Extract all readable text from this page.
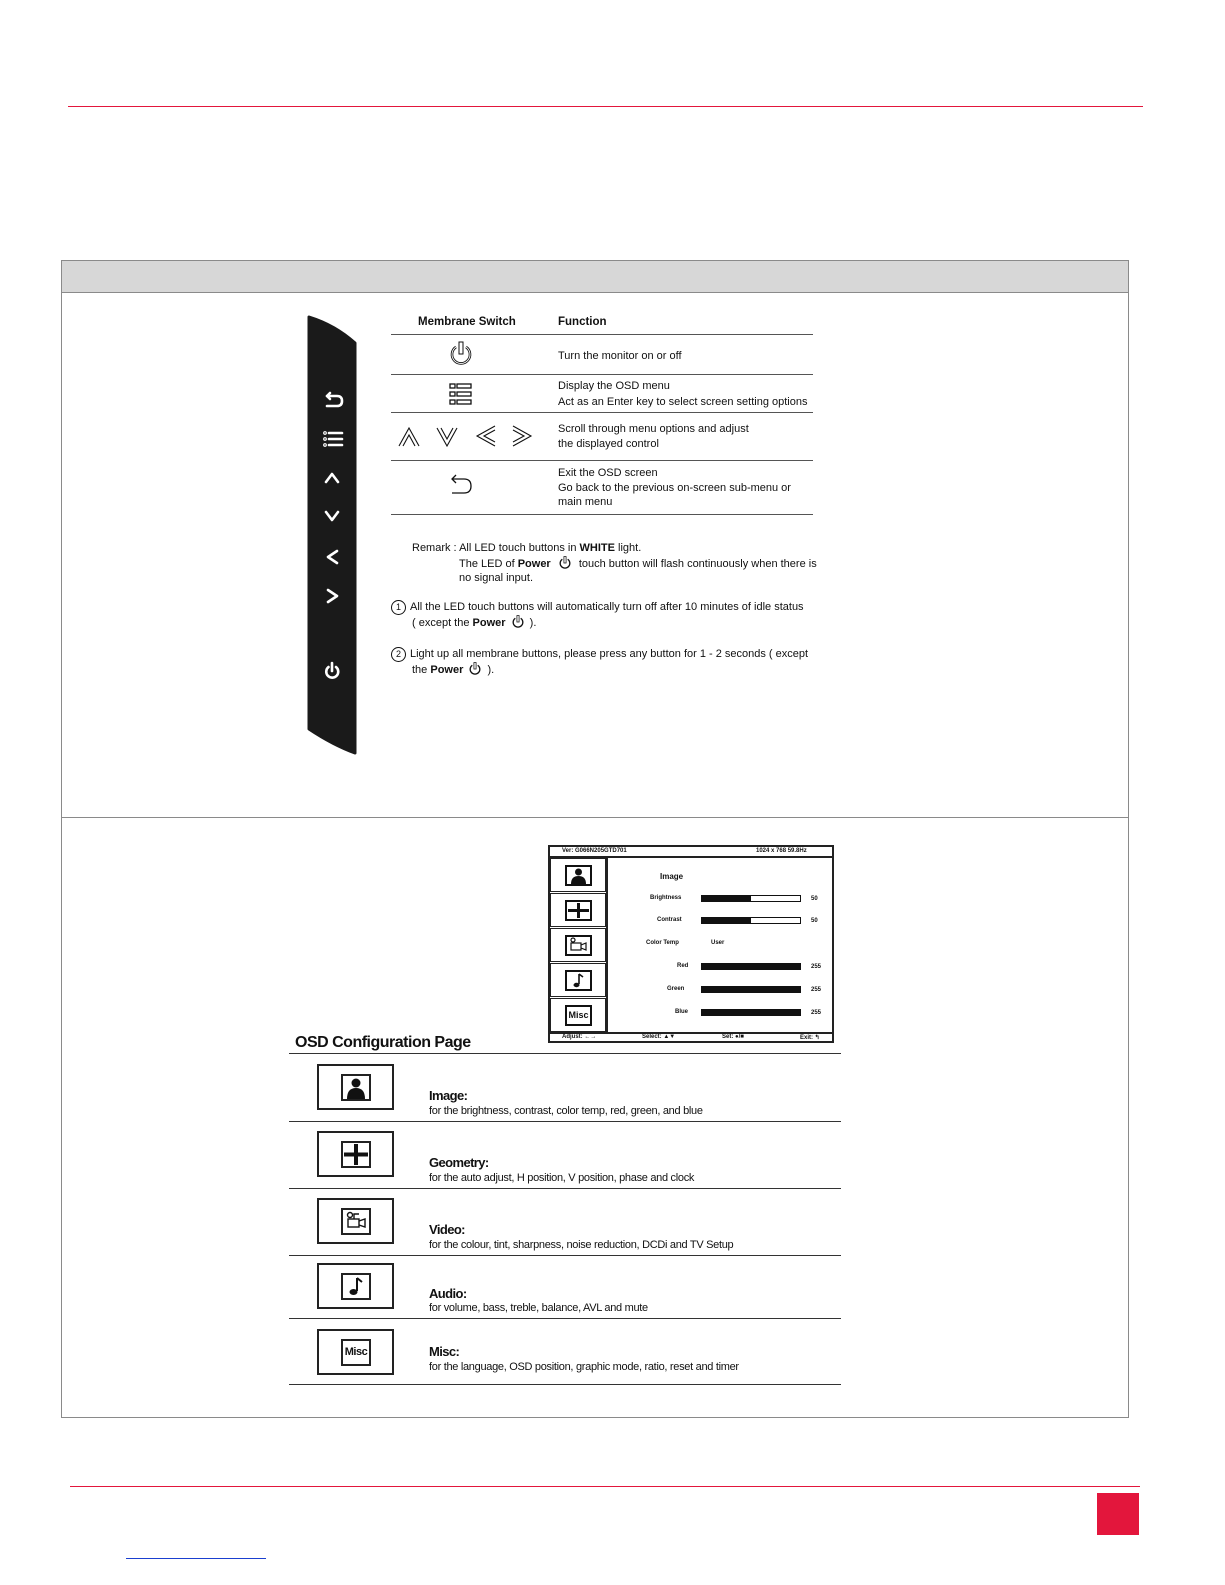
Membrane Switch	Function
Turn the monitor on or off
Display the OSD menu
Act as an Enter key to select screen setting options
Scroll through menu options and adjust
the displayed control
Exit the OSD screen
Go back to the previous on-screen sub-menu or
main menu
Remark : All LED touch buttons in WHITE light.
The LED of Power  touch button will flash continuously when there is
no signal input.
1 All the LED touch buttons will automatically turn off after 10 minutes of idle status
( except the Power  ).
2 Light up all membrane buttons, please press any button for 1 - 2 seconds ( except
the Power  ).
Ver: G066N205GTD701	1024 x 768 59.8Hz
Misc
Image
Brightness	50
Contrast	50
Color Temp	User
Red	255
Green	255
Blue	255
Adjust: ←→	Select: ▲▼	Set: ●/■	Exit: ↰
OSD Configuration Page
Image:
for the brightness, contrast, color temp, red, green, and blue
Geometry:
for the auto adjust, H position, V position, phase and clock
Video:
for the colour, tint, sharpness, noise reduction, DCDi and TV Setup
Audio:
for volume, bass, treble, balance, AVL and mute
Misc	Misc:
for the language, OSD position, graphic mode, ratio, reset and timer
